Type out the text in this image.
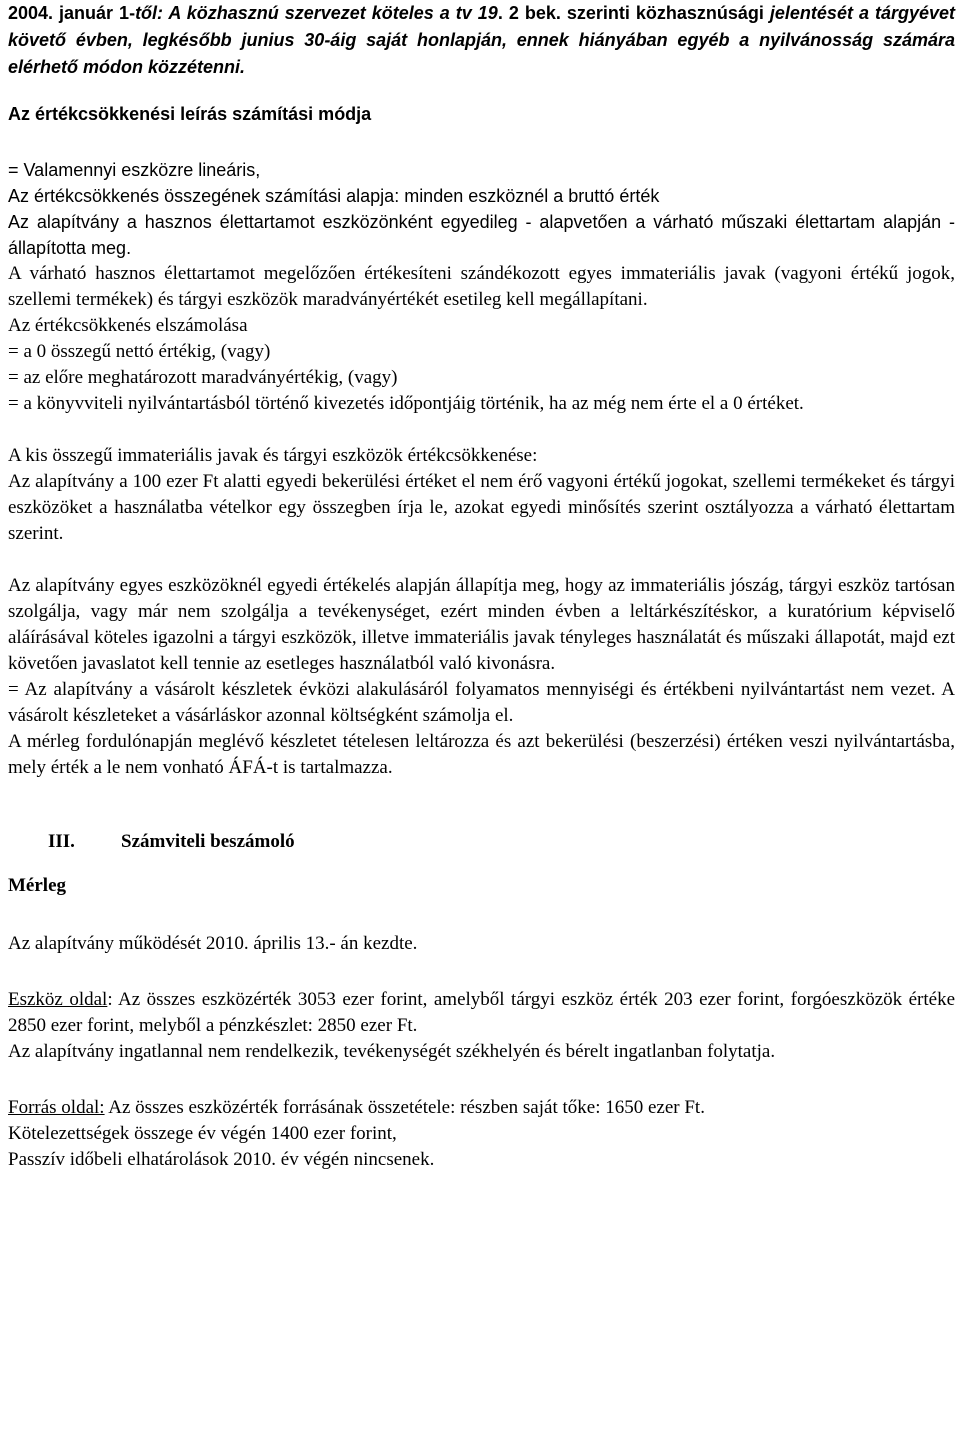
2004. január 1-től: A közhasznú szervezet köteles a tv 19. 2 bek. szerinti közhasznúsági jelentését a tárgyévet követő évben, legkésőbb junius 30-áig saját honlapján, ennek hiányában egyéb a nyilvánosság számára elérhető módon közzétenni.

Az értékcsökkenési leírás számítási módja

= Valamennyi eszközre lineáris,

Az értékcsökkenés összegének számítási alapja: minden eszköznél a bruttó érték

Az alapítvány a hasznos élettartamot eszközönként egyedileg - alapvetően a várható műszaki élettartam alapján - állapította meg.

A várható hasznos élettartamot megelőzően értékesíteni szándékozott egyes immateriális javak (vagyoni értékű jogok, szellemi termékek) és tárgyi eszközök maradványértékét esetileg kell megállapítani.

Az értékcsökkenés elszámolása

= a 0 összegű nettó értékig, (vagy)

= az előre meghatározott maradványértékig, (vagy)

= a könyvviteli nyilvántartásból történő kivezetés időpontjáig történik, ha az még nem érte el a 0 értéket.

A kis összegű immateriális javak és tárgyi eszközök értékcsökkenése:

Az alapítvány a 100 ezer Ft alatti egyedi bekerülési értéket el nem érő vagyoni értékű jogokat, szellemi termékeket és tárgyi eszközöket a használatba vételkor egy összegben írja le, azokat egyedi minősítés szerint osztályozza a várható élettartam szerint.

Az alapítvány egyes eszközöknél egyedi értékelés alapján állapítja meg, hogy az immateriális jószág, tárgyi eszköz tartósan szolgálja, vagy már nem szolgálja a tevékenységet, ezért minden évben a leltárkészítéskor, a kuratórium képviselő aláírásával köteles igazolni a tárgyi eszközök, illetve immateriális javak tényleges használatát és műszaki állapotát, majd ezt követően javaslatot kell tennie az esetleges használatból való kivonásra.

= Az alapítvány a vásárolt készletek évközi alakulásáról folyamatos mennyiségi és értékbeni nyilvántartást nem vezet. A vásárolt készleteket a vásárláskor azonnal költségként számolja el.

A mérleg fordulónapján meglévő készletet tételesen leltározza és azt bekerülési (beszerzési) értéken veszi nyilvántartásba, mely érték a le nem vonható ÁFÁ-t is tartalmazza.

III. Számviteli beszámoló

Mérleg

Az alapítvány működését 2010. április 13.- án kezdte.

Eszköz oldal: Az összes eszközérték 3053 ezer forint, amelyből tárgyi eszköz érték 203 ezer forint, forgóeszközök értéke 2850 ezer forint, melyből a pénzkészlet: 2850 ezer Ft.

Az alapítvány ingatlannal nem rendelkezik, tevékenységét székhelyén és bérelt ingatlanban folytatja.

Forrás oldal: Az összes eszközérték forrásának összetétele: részben saját tőke: 1650 ezer Ft.

Kötelezettségek összege év végén 1400 ezer forint,

Passzív időbeli elhatárolások 2010. év végén nincsenek.
